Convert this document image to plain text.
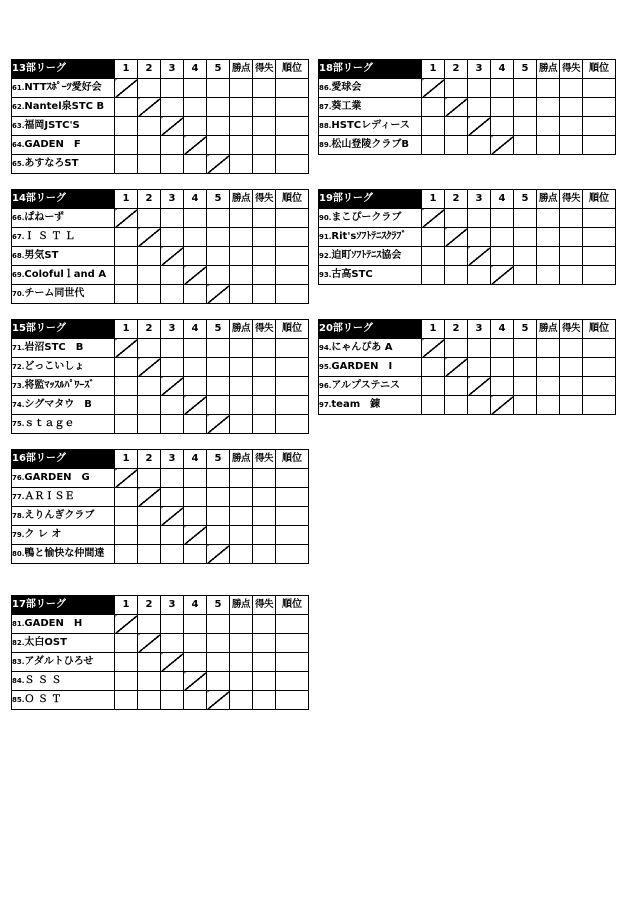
13部リーグ	1	2	3	4	5	勝点	得失	順位
61.NTTｽﾎﾟｰﾂ愛好会								
62.Nantel泉STC B								
63.福岡JSTC'S								
64.GADEN　F								
65.あすなろST								
18部リーグ	1	2	3	4	5	勝点	得失	順位
86.愛球会								
87.葵工業								
88.HSTCレディース								
89.松山登陵クラブB								
14部リーグ	1	2	3	4	5	勝点	得失	順位
66.ぱねーず								
67.Ｉ Ｓ Ｔ Ｌ								
68.男気ST								
69.Colofulｌand A								
70.チーム同世代								
19部リーグ	1	2	3	4	5	勝点	得失	順位
90.まこぴークラブ								
91.Rit'sｿﾌﾄﾃﾆｽｸﾗﾌﾞ								
92.迫町ｿﾌﾄﾃﾆｽ協会								
93.古高STC								
15部リーグ	1	2	3	4	5	勝点	得失	順位
71.岩沼STC　B								
72.どっこいしょ								
73.将監ﾏｯｽﾙﾊﾟﾜｰｽﾞ								
74.シグマタウ　B								
75.ｓｔａｇｅ								
20部リーグ	1	2	3	4	5	勝点	得失	順位
94.にゃんぴあ A								
95.GARDEN　I								
96.アルプステニス								
97.team　錬								
16部リーグ	1	2	3	4	5	勝点	得失	順位
76.GARDEN　G								
77.ＡＲＩＳＥ								
78.えりんぎクラブ								
79.ク レ オ								
80.鴨と愉快な仲間達								
17部リーグ	1	2	3	4	5	勝点	得失	順位
81.GADEN　H								
82.太白OST								
83.アダルトひろせ								
84.Ｓ Ｓ Ｓ								
85.Ｏ Ｓ Ｔ								
